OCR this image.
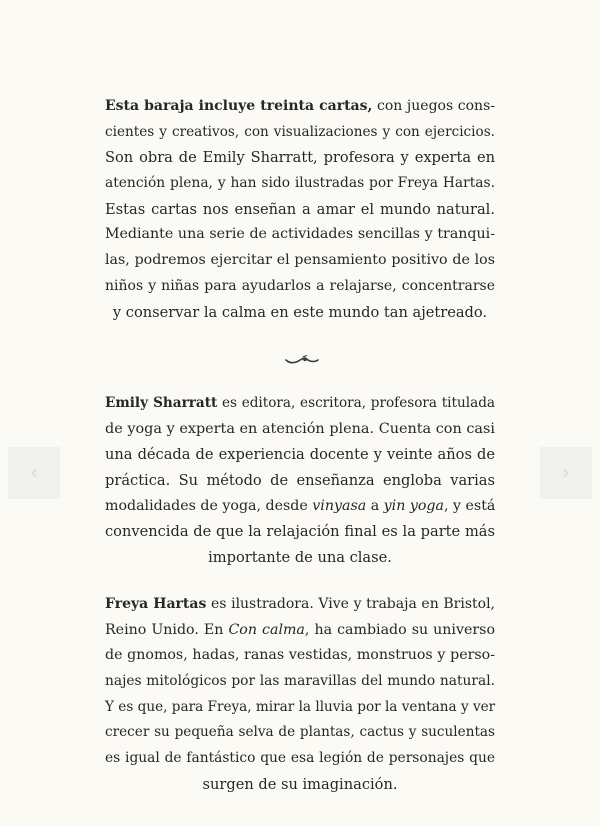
‹	›
Esta baraja incluye treinta cartas, con juegos cons-
cientes y creativos, con visualizaciones y con ejercicios.
Son obra de Emily Sharratt, profesora y experta en
atención plena, y han sido ilustradas por Freya Hartas.
Estas cartas nos enseñan a amar el mundo natural.
Mediante una serie de actividades sencillas y tranqui-
las, podremos ejercitar el pensamiento positivo de los
niños y niñas para ayudarlos a relajarse, concentrarse
y conservar la calma en este mundo tan ajetreado.
Emily Sharratt es editora, escritora, profesora titulada
de yoga y experta en atención plena. Cuenta con casi
una década de experiencia docente y veinte años de
práctica. Su método de enseñanza engloba varias
modalidades de yoga, desde vinyasa a yin yoga, y está
convencida de que la relajación final es la parte más
importante de una clase.
Freya Hartas es ilustradora. Vive y trabaja en Bristol,
Reino Unido. En Con calma, ha cambiado su universo
de gnomos, hadas, ranas vestidas, monstruos y perso-
najes mitológicos por las maravillas del mundo natural.
Y es que, para Freya, mirar la lluvia por la ventana y ver
crecer su pequeña selva de plantas, cactus y suculentas
es igual de fantástico que esa legión de personajes que
surgen de su imaginación.
